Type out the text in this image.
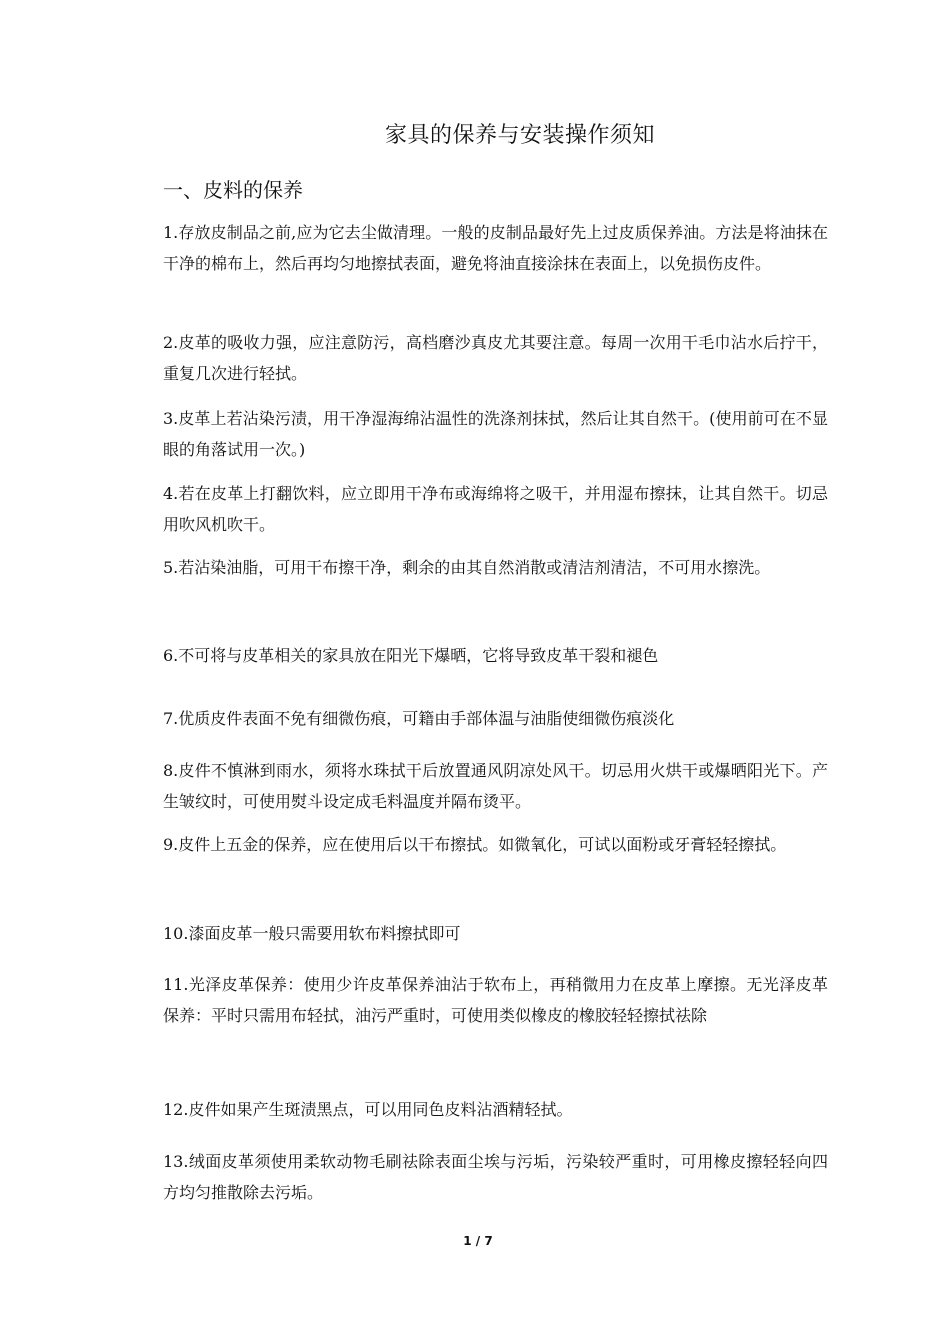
家具的保养与安装操作须知
一、皮料的保养
1.存放皮制品之前,应为它去尘做清理。一般的皮制品最好先上过皮质保养油。方法是将油抹在干净的棉布上，然后再均匀地擦拭表面，避免将油直接涂抹在表面上，以免损伤皮件。
2.皮革的吸收力强，应注意防污，高档磨沙真皮尤其要注意。每周一次用干毛巾沾水后拧干，重复几次进行轻拭。
3.皮革上若沾染污渍，用干净湿海绵沾温性的洗涤剂抹拭，然后让其自然干。(使用前可在不显眼的角落试用一次。)
4.若在皮革上打翻饮料，应立即用干净布或海绵将之吸干，并用湿布擦抹，让其自然干。切忌用吹风机吹干。
5.若沾染油脂，可用干布擦干净，剩余的由其自然消散或清洁剂清洁，不可用水擦洗。
6.不可将与皮革相关的家具放在阳光下爆晒，它将导致皮革干裂和褪色
7.优质皮件表面不免有细微伤痕，可籍由手部体温与油脂使细微伤痕淡化
8.皮件不慎淋到雨水，须将水珠拭干后放置通风阴凉处风干。切忌用火烘干或爆晒阳光下。产生皱纹时，可使用熨斗设定成毛料温度并隔布烫平。
9.皮件上五金的保养，应在使用后以干布擦拭。如微氧化，可试以面粉或牙膏轻轻擦拭。
10.漆面皮革一般只需要用软布料擦拭即可
11.光泽皮革保养：使用少许皮革保养油沾于软布上，再稍微用力在皮革上摩擦。无光泽皮革保养：平时只需用布轻拭，油污严重时，可使用类似橡皮的橡胶轻轻擦拭祛除
12.皮件如果产生斑渍黑点，可以用同色皮料沾酒精轻拭。
13.绒面皮革须使用柔软动物毛刷祛除表面尘埃与污垢，污染较严重时，可用橡皮擦轻轻向四方均匀推散除去污垢。
1 / 7
